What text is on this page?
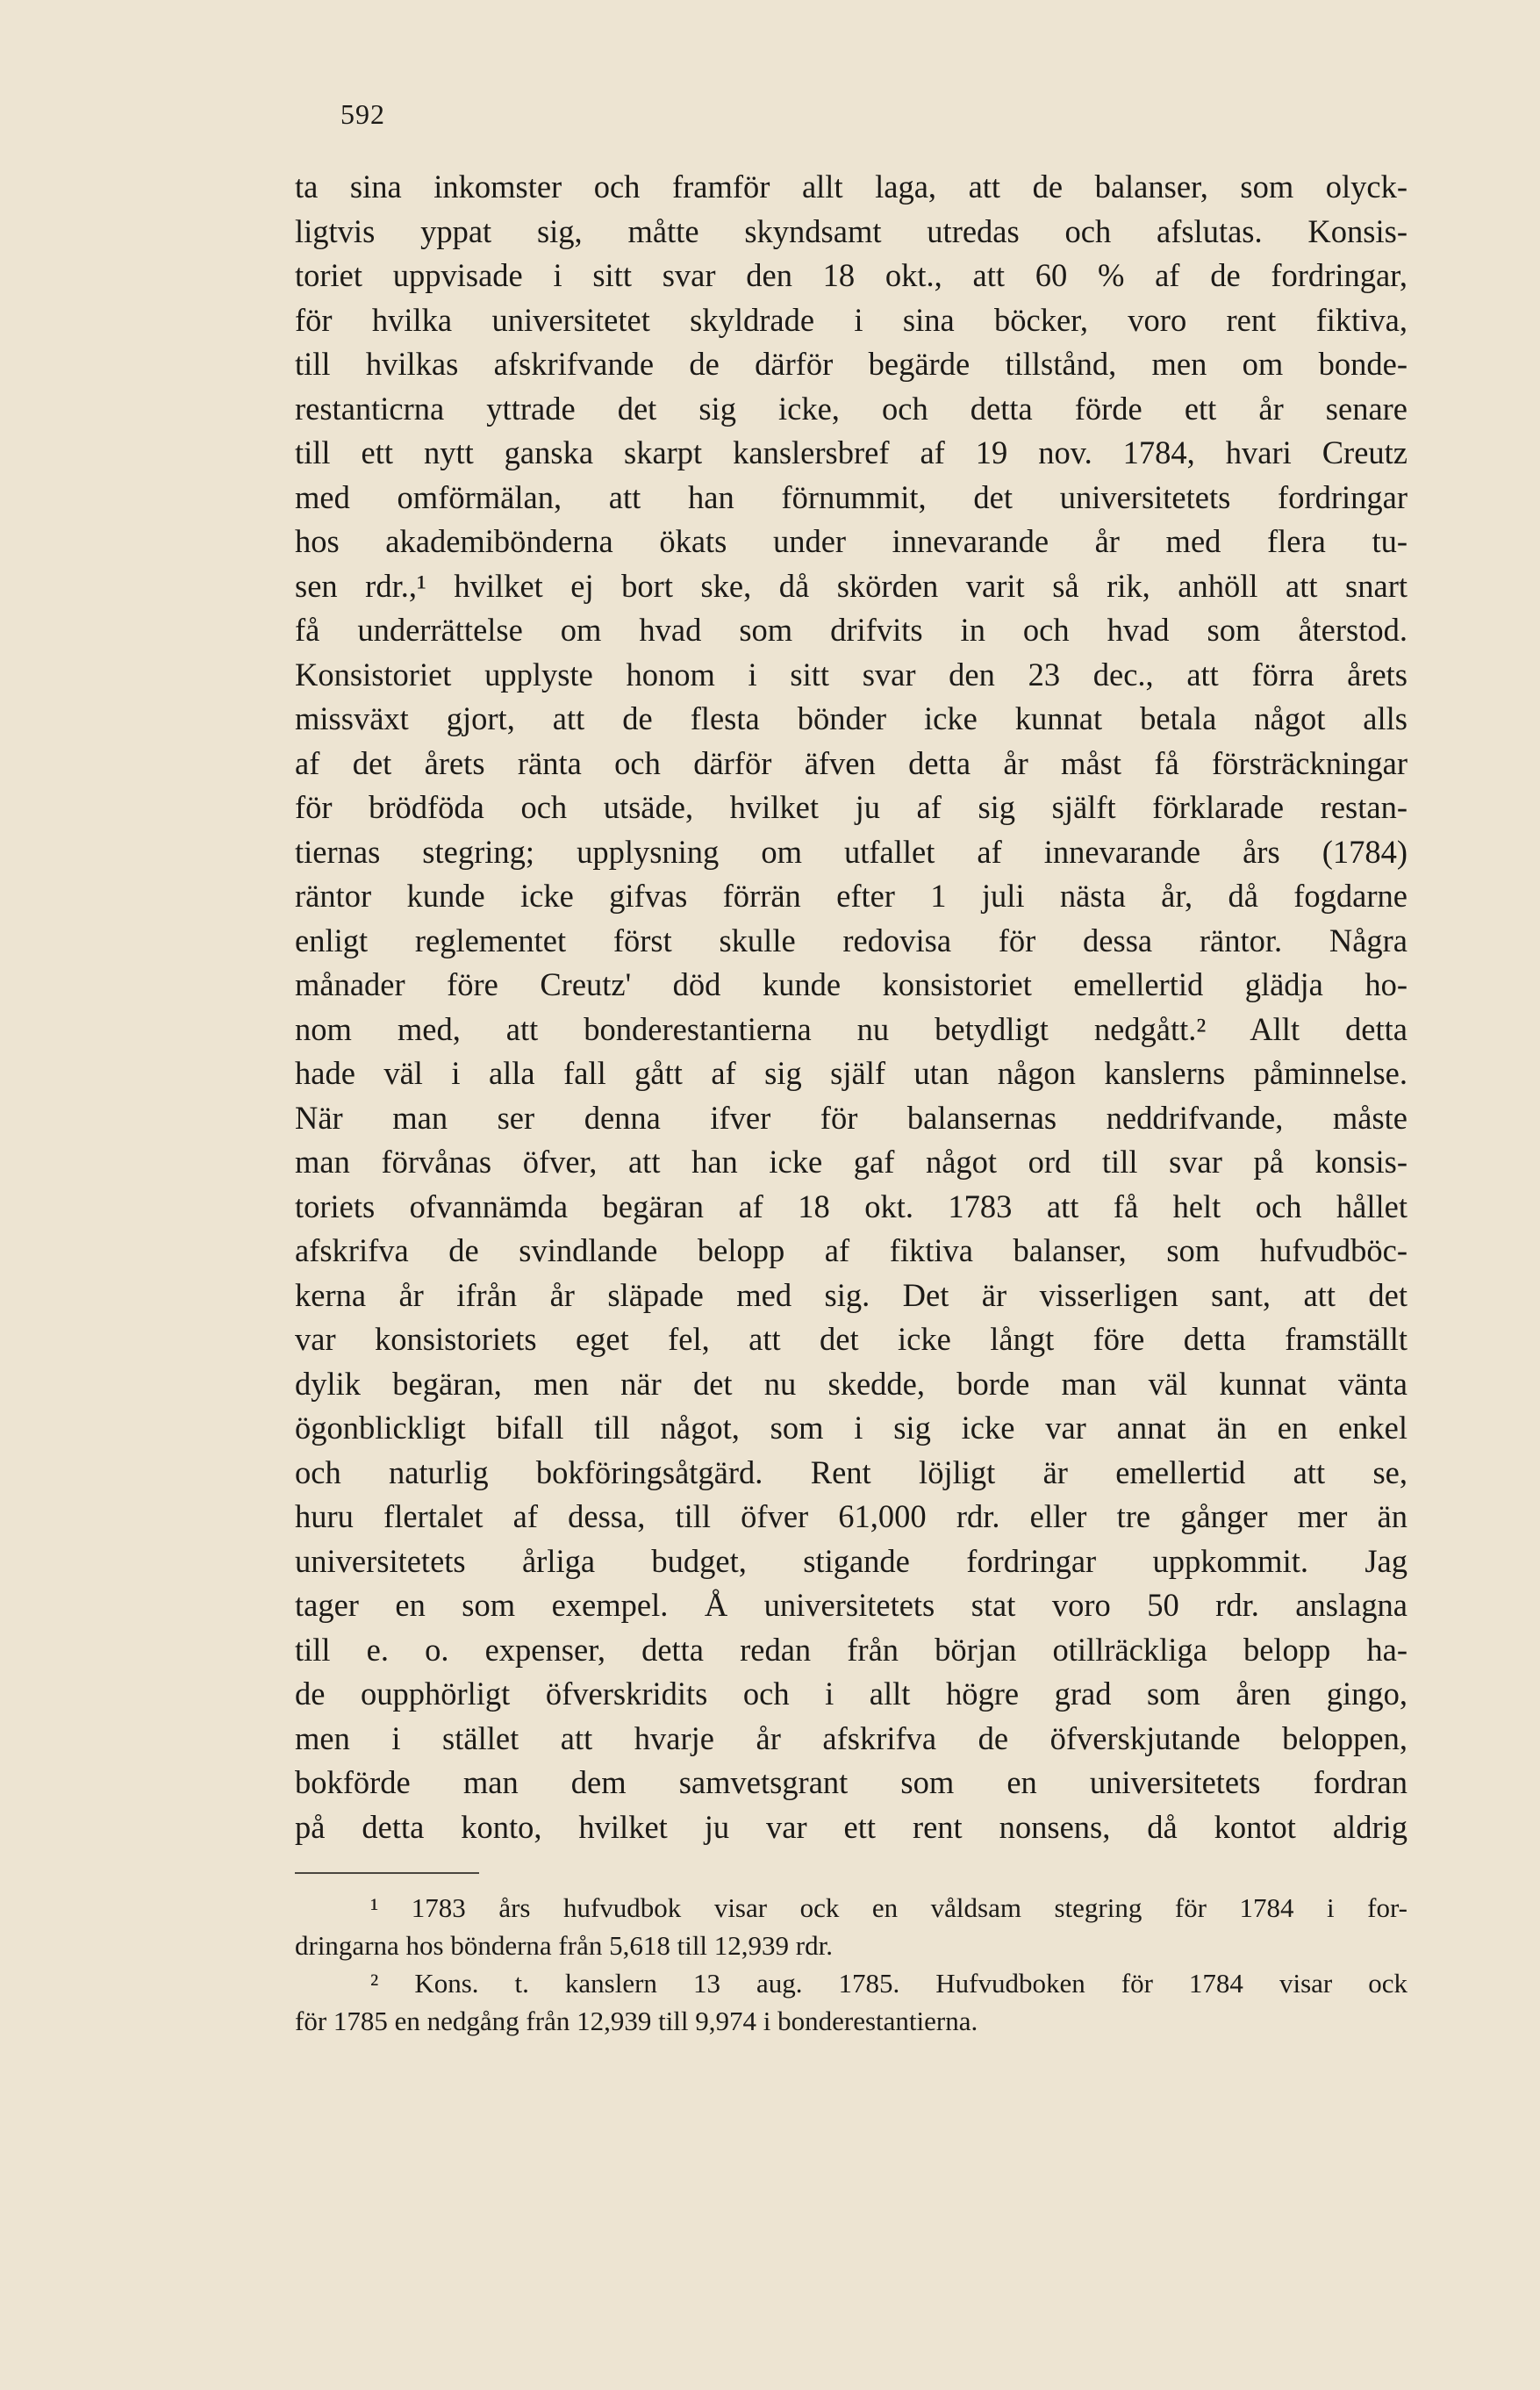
592
ta sina inkomster och framför allt laga, att de balanser, som olyck-
ligtvis yppat sig, måtte skyndsamt utredas och afslutas. Konsis-
toriet uppvisade i sitt svar den 18 okt., att 60 % af de fordringar,
för hvilka universitetet skyldrade i sina böcker, voro rent fiktiva,
till hvilkas afskrifvande de därför begärde tillstånd, men om bonde-
restanticrna yttrade det sig icke, och detta förde ett år senare
till ett nytt ganska skarpt kanslersbref af 19 nov. 1784, hvari Creutz
med omförmälan, att han förnummit, det universitetets fordringar
hos akademibönderna ökats under innevarande år med flera tu-
sen rdr.,¹ hvilket ej bort ske, då skörden varit så rik, anhöll att snart
få underrättelse om hvad som drifvits in och hvad som återstod.
Konsistoriet upplyste honom i sitt svar den 23 dec., att förra årets
missväxt gjort, att de flesta bönder icke kunnat betala något alls
af det årets ränta och därför äfven detta år måst få försträckningar
för brödföda och utsäde, hvilket ju af sig själft förklarade restan-
tiernas stegring; upplysning om utfallet af innevarande års (1784)
räntor kunde icke gifvas förrän efter 1 juli nästa år, då fogdarne
enligt reglementet först skulle redovisa för dessa räntor. Några
månader före Creutz' död kunde konsistoriet emellertid glädja ho-
nom med, att bonderestantierna nu betydligt nedgått.² Allt detta
hade väl i alla fall gått af sig själf utan någon kanslerns påminnelse.
När man ser denna ifver för balansernas neddrifvande, måste
man förvånas öfver, att han icke gaf något ord till svar på konsis-
toriets ofvannämda begäran af 18 okt. 1783 att få helt och hållet
afskrifva de svindlande belopp af fiktiva balanser, som hufvudböc-
kerna år ifrån år släpade med sig. Det är visserligen sant, att det
var konsistoriets eget fel, att det icke långt före detta framställt
dylik begäran, men när det nu skedde, borde man väl kunnat vänta
ögonblickligt bifall till något, som i sig icke var annat än en enkel
och naturlig bokföringsåtgärd. Rent löjligt är emellertid att se,
huru flertalet af dessa, till öfver 61,000 rdr. eller tre gånger mer än
universitetets årliga budget, stigande fordringar uppkommit. Jag
tager en som exempel. Å universitetets stat voro 50 rdr. anslagna
till e. o. expenser, detta redan från början otillräckliga belopp ha-
de oupphörligt öfverskridits och i allt högre grad som åren gingo,
men i stället att hvarje år afskrifva de öfverskjutande beloppen,
bokförde man dem samvetsgrant som en universitetets fordran
på detta konto, hvilket ju var ett rent nonsens, då kontot aldrig
¹ 1783 års hufvudbok visar ock en våldsam stegring för 1784 i for-
dringarna hos bönderna från 5,618 till 12,939 rdr.
² Kons. t. kanslern 13 aug. 1785. Hufvudboken för 1784 visar ock
för 1785 en nedgång från 12,939 till 9,974 i bonderestantierna.
